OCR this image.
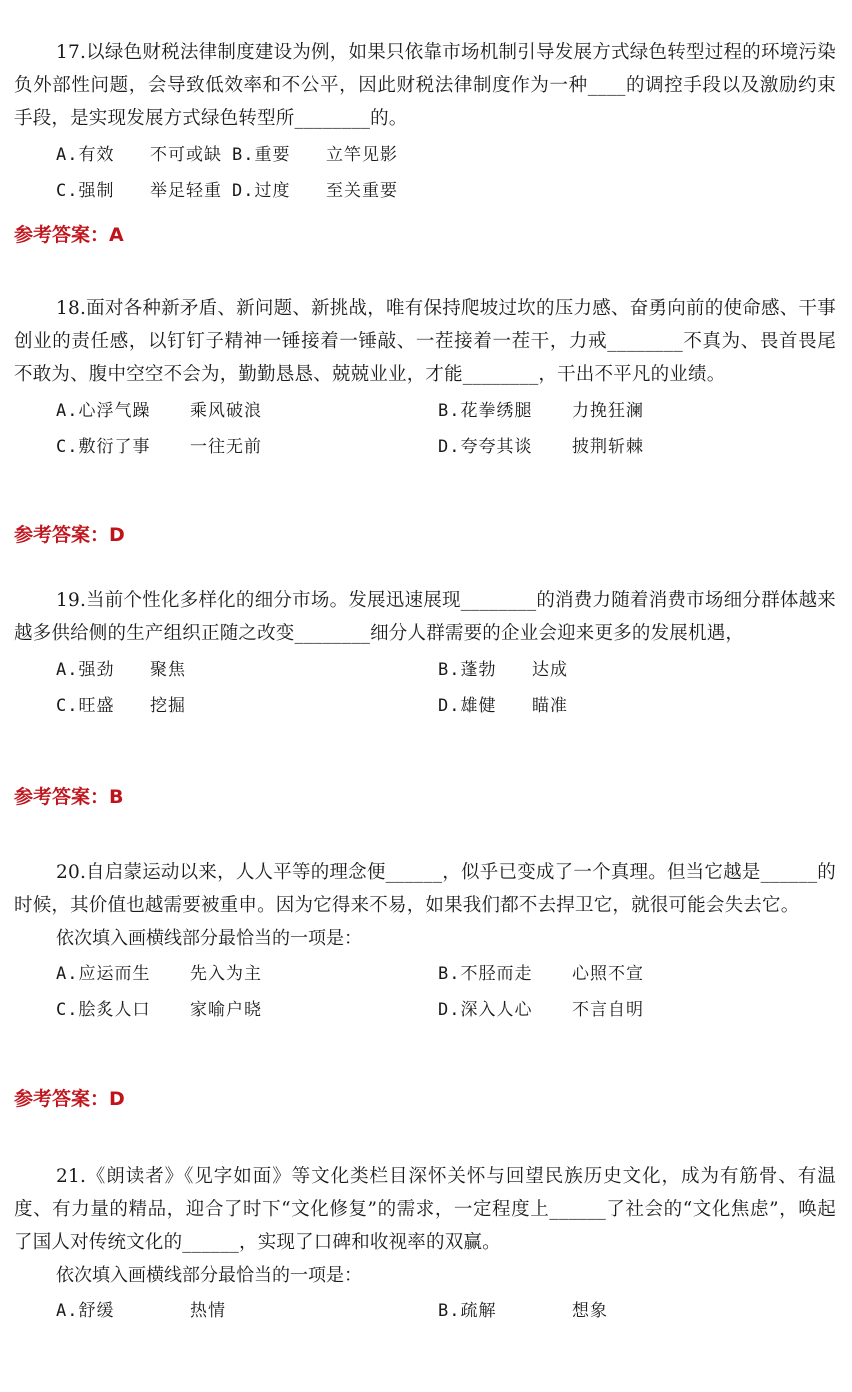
17.以绿色财税法律制度建设为例，如果只依靠市场机制引导发展方式绿色转型过程的环境污染负外部性问题，会导致低效率和不公平，因此财税法律制度作为一种____的调控手段以及激励约束手段，是实现发展方式绿色转型所________的。

A.有效 不可或缺 B.重要 立竿见影
C.强制 举足轻重 D.过度 至关重要

参考答案：A

18.面对各种新矛盾、新问题、新挑战，唯有保持爬坡过坎的压力感、奋勇向前的使命感、干事创业的责任感，以钉钉子精神一锤接着一锤敲、一茬接着一茬干，力戒________不真为、畏首畏尾不敢为、腹中空空不会为，勤勤恳恳、兢兢业业，才能________，干出不平凡的业绩。

A.心浮气躁 乘风破浪	B.花拳绣腿 力挽狂澜
C.敷衍了事 一往无前	D.夸夸其谈 披荆斩棘

参考答案：D

19.当前个性化多样化的细分市场。发展迅速展现________的消费力随着消费市场细分群体越来越多供给侧的生产组织正随之改变________细分人群需要的企业会迎来更多的发展机遇，

A.强劲 聚焦	B.蓬勃 达成
C.旺盛 挖掘	D.雄健 瞄准

参考答案：B

20.自启蒙运动以来，人人平等的理念便______，似乎已变成了一个真理。但当它越是______的时候，其价值也越需要被重申。因为它得来不易，如果我们都不去捍卫它，就很可能会失去它。

依次填入画横线部分最恰当的一项是：

A.应运而生 先入为主	B.不胫而走 心照不宣
C.脍炙人口 家喻户晓	D.深入人心 不言自明

参考答案：D

21.《朗读者》《见字如面》等文化类栏目深怀关怀与回望民族历史文化，成为有筋骨、有温度、有力量的精品，迎合了时下“文化修复”的需求，一定程度上______了社会的“文化焦虑”，唤起了国人对传统文化的______，实现了口碑和收视率的双赢。

依次填入画横线部分最恰当的一项是：

A.舒缓	热情	B.疏解	想象
